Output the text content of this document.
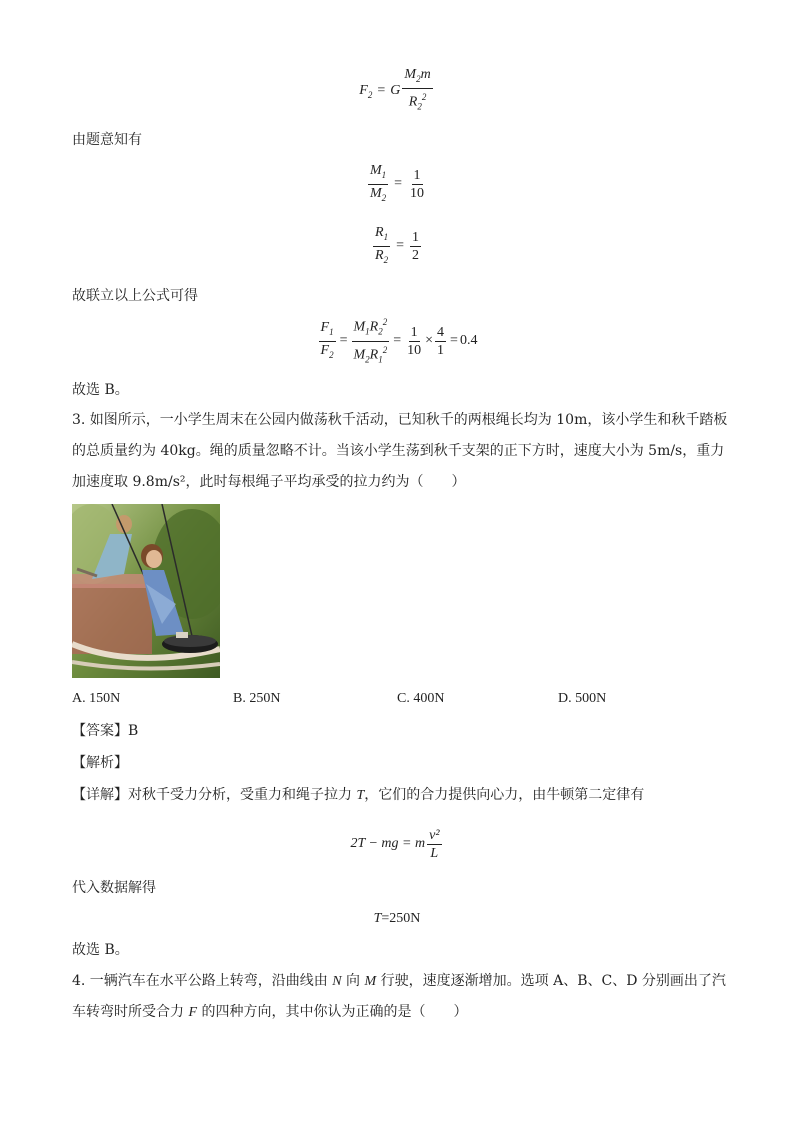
$F_2 = G \frac{M_2m}{R_2^2}$
由题意知有
$\frac{M_1}{M_2} = \frac{1}{10}$
$\frac{R_1}{R_2} = \frac{1}{2}$
故联立以上公式可得
$\frac{F_1}{F_2} = \frac{M_1R_2^2}{M_2R_1^2} = \frac{1}{10} \times \frac{4}{1} = 0.4$
故选 B。
3. 如图所示，一小学生周末在公园内做荡秋千活动，已知秋千的两根绳长均为 10m，该小学生和秋千踏板
的总质量约为 40kg。绳的质量忽略不计。当该小学生荡到秋千支架的正下方时，速度大小为 5m/s，重力
加速度取 9.8m/s²，此时每根绳子平均承受的拉力约为（　　）
A. 150N	B. 250N	C. 400N	D. 500N
【答案】B
【解析】
【详解】对秋千受力分析，受重力和绳子拉力 T，它们的合力提供向心力，由牛顿第二定律有
2T − mg = m $\frac{\text{v²}}{L}$
代入数据解得
T =250N
故选 B。
4. 一辆汽车在水平公路上转弯，沿曲线由 N 向 M 行驶，速度逐渐增加。选项 A、B、C、D 分别画出了汽
车转弯时所受合力 F 的四种方向，其中你认为正确的是（　　）
